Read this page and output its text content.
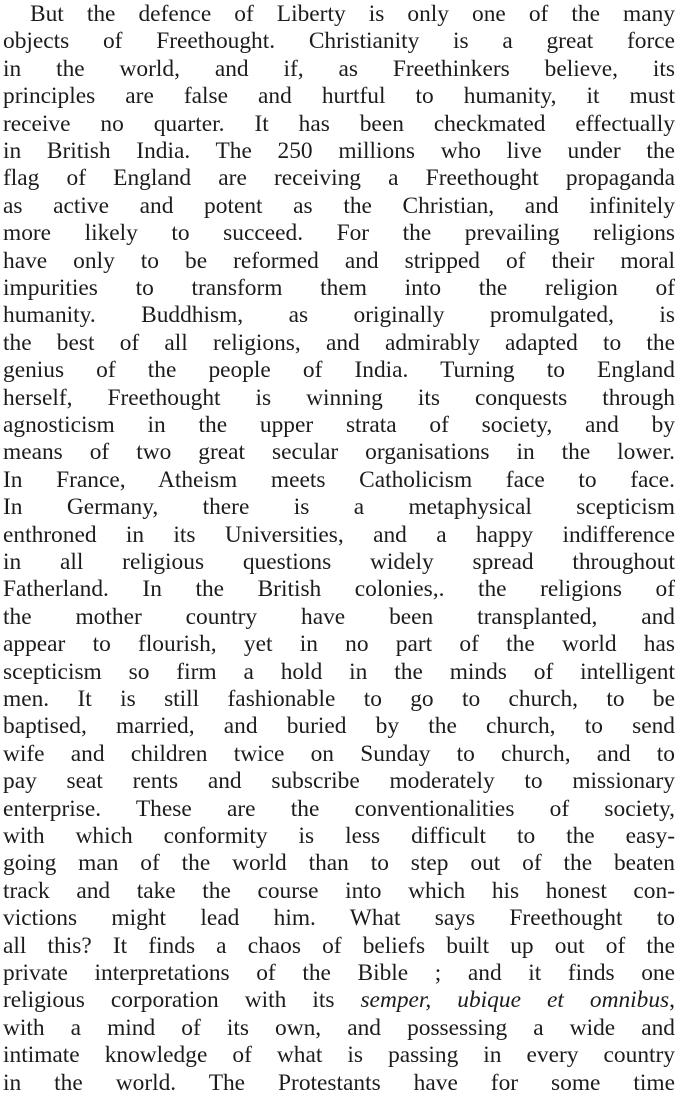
But the defence of Liberty is only one of the many
objects of Freethought. Christianity is a great force
in the world, and if, as Freethinkers believe, its
principles are false and hurtful to humanity, it must
receive no quarter. It has been checkmated effectually
in British India. The 250 millions who live under the
flag of England are receiving a Freethought propaganda
as active and potent as the Christian, and infinitely
more likely to succeed. For the prevailing religions
have only to be reformed and stripped of their moral
impurities to transform them into the religion of
humanity. Buddhism, as originally promulgated, is
the best of all religions, and admirably adapted to the
genius of the people of India. Turning to England
herself, Freethought is winning its conquests through
agnosticism in the upper strata of society, and by
means of two great secular organisations in the lower.
In France, Atheism meets Catholicism face to face.
In Germany, there is a metaphysical scepticism
enthroned in its Universities, and a happy indifference
in all religious questions widely spread throughout
Fatherland. In the British colonies,. the religions of
the mother country have been transplanted, and
appear to flourish, yet in no part of the world has
scepticism so firm a hold in the minds of intelligent
men. It is still fashionable to go to church, to be
baptised, married, and buried by the church, to send
wife and children twice on Sunday to church, and to
pay seat rents and subscribe moderately to missionary
enterprise. These are the conventionalities of society,
with which conformity is less difficult to the easy-
going man of the world than to step out of the beaten
track and take the course into which his honest con-
victions might lead him. What says Freethought to
all this? It finds a chaos of beliefs built up out of the
private interpretations of the Bible ; and it finds one
religious corporation with its semper, ubique et omnibus,
with a mind of its own, and possessing a wide and
intimate knowledge of what is passing in every country
in the world. The Protestants have for some time
